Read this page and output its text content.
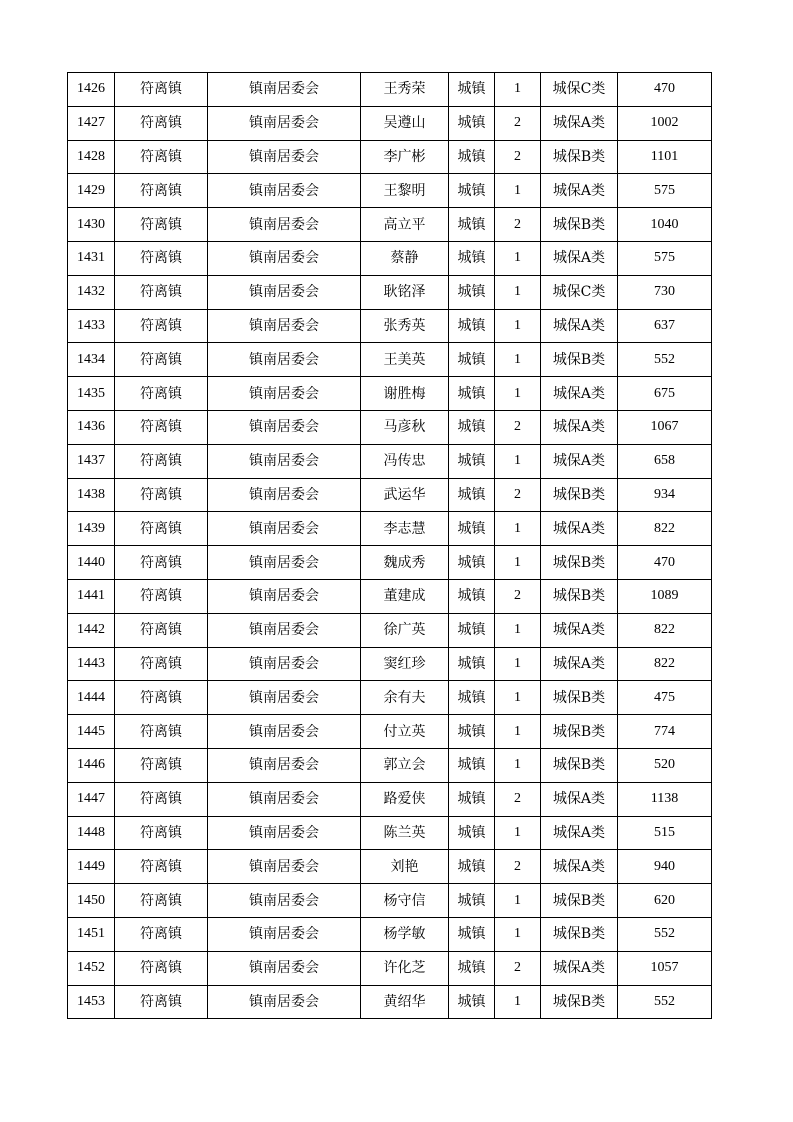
1426	符离镇	镇南居委会	王秀荣	城镇	1	城保C类	470
1427	符离镇	镇南居委会	吴遵山	城镇	2	城保A类	1002
1428	符离镇	镇南居委会	李广彬	城镇	2	城保B类	1101
1429	符离镇	镇南居委会	王黎明	城镇	1	城保A类	575
1430	符离镇	镇南居委会	高立平	城镇	2	城保B类	1040
1431	符离镇	镇南居委会	蔡静	城镇	1	城保A类	575
1432	符离镇	镇南居委会	耿铭泽	城镇	1	城保C类	730
1433	符离镇	镇南居委会	张秀英	城镇	1	城保A类	637
1434	符离镇	镇南居委会	王美英	城镇	1	城保B类	552
1435	符离镇	镇南居委会	谢胜梅	城镇	1	城保A类	675
1436	符离镇	镇南居委会	马彦秋	城镇	2	城保A类	1067
1437	符离镇	镇南居委会	冯传忠	城镇	1	城保A类	658
1438	符离镇	镇南居委会	武运华	城镇	2	城保B类	934
1439	符离镇	镇南居委会	李志慧	城镇	1	城保A类	822
1440	符离镇	镇南居委会	魏成秀	城镇	1	城保B类	470
1441	符离镇	镇南居委会	董建成	城镇	2	城保B类	1089
1442	符离镇	镇南居委会	徐广英	城镇	1	城保A类	822
1443	符离镇	镇南居委会	窦红珍	城镇	1	城保A类	822
1444	符离镇	镇南居委会	余有夫	城镇	1	城保B类	475
1445	符离镇	镇南居委会	付立英	城镇	1	城保B类	774
1446	符离镇	镇南居委会	郭立会	城镇	1	城保B类	520
1447	符离镇	镇南居委会	路爱侠	城镇	2	城保A类	1138
1448	符离镇	镇南居委会	陈兰英	城镇	1	城保A类	515
1449	符离镇	镇南居委会	刘艳	城镇	2	城保A类	940
1450	符离镇	镇南居委会	杨守信	城镇	1	城保B类	620
1451	符离镇	镇南居委会	杨学敏	城镇	1	城保B类	552
1452	符离镇	镇南居委会	许化芝	城镇	2	城保A类	1057
1453	符离镇	镇南居委会	黄绍华	城镇	1	城保B类	552
